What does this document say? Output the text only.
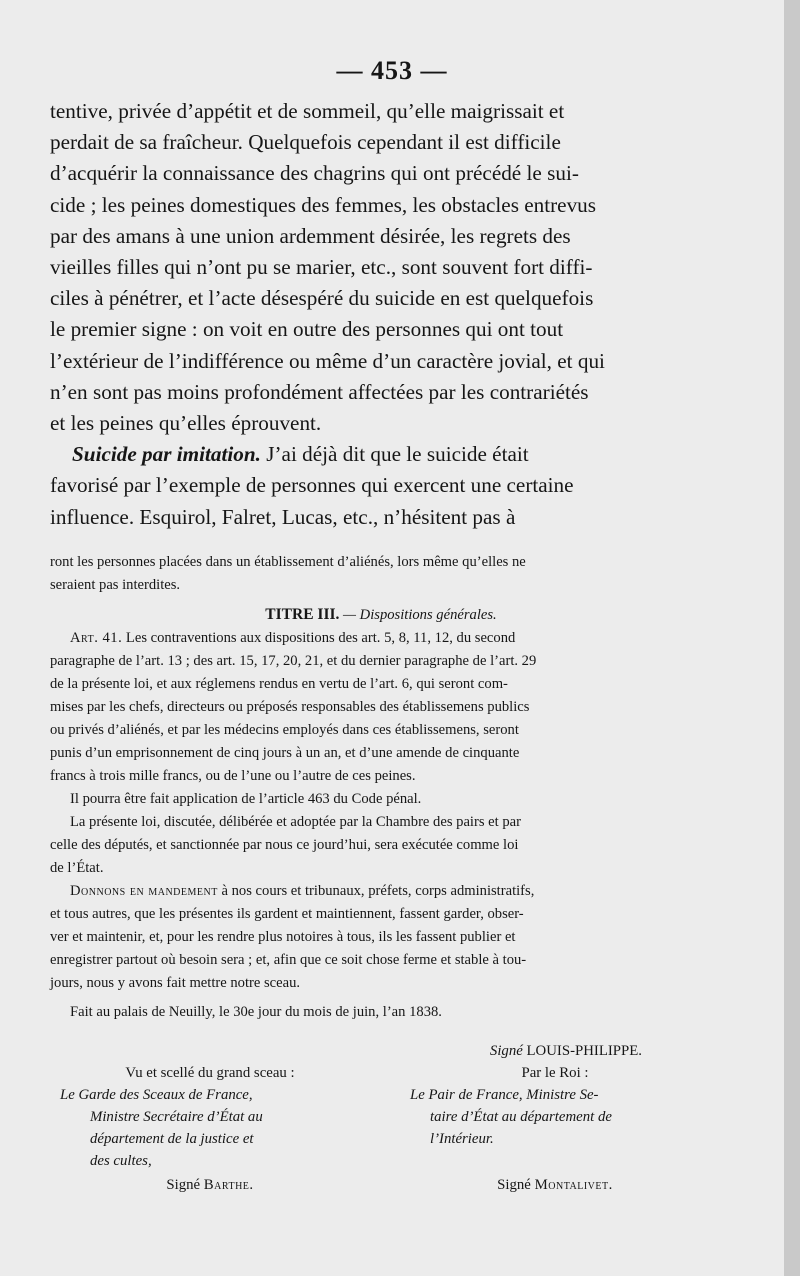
— 453 —

tentive, privée d’appétit et de sommeil, qu’elle maigrissait et

perdait de sa fraîcheur. Quelquefois cependant il est difficile

d’acquérir la connaissance des chagrins qui ont précédé le sui-

cide ; les peines domestiques des femmes, les obstacles entrevus

par des amans à une union ardemment désirée, les regrets des

vieilles filles qui n’ont pu se marier, etc., sont souvent fort diffi-

ciles à pénétrer, et l’acte désespéré du suicide en est quelquefois

le premier signe : on voit en outre des personnes qui ont tout

l’extérieur de l’indifférence ou même d’un caractère jovial, et qui

n’en sont pas moins profondément affectées par les contrariétés

et les peines qu’elles éprouvent.

Suicide par imitation. J’ai déjà dit que le suicide était

favorisé par l’exemple de personnes qui exercent une certaine

influence. Esquirol, Falret, Lucas, etc., n’hésitent pas à

ront les personnes placées dans un établissement d’aliénés, lors même qu’elles ne

seraient pas interdites.

TITRE III. — Dispositions générales.

Art. 41. Les contraventions aux dispositions des art. 5, 8, 11, 12, du second

paragraphe de l’art. 13 ; des art. 15, 17, 20, 21, et du dernier paragraphe de l’art. 29

de la présente loi, et aux réglemens rendus en vertu de l’art. 6, qui seront com-

mises par les chefs, directeurs ou préposés responsables des établissemens publics

ou privés d’aliénés, et par les médecins employés dans ces établissemens, seront

punis d’un emprisonnement de cinq jours à un an, et d’une amende de cinquante

francs à trois mille francs, ou de l’une ou l’autre de ces peines.

Il pourra être fait application de l’article 463 du Code pénal.

La présente loi, discutée, délibérée et adoptée par la Chambre des pairs et par

celle des députés, et sanctionnée par nous ce jourd’hui, sera exécutée comme loi

de l’État.

Donnons en mandement à nos cours et tribunaux, préfets, corps administratifs,

et tous autres, que les présentes ils gardent et maintiennent, fassent garder, obser-

ver et maintenir, et, pour les rendre plus notoires à tous, ils les fassent publier et

enregistrer partout où besoin sera ; et, afin que ce soit chose ferme et stable à tou-

jours, nous y avons fait mettre notre sceau.

Fait au palais de Neuilly, le 30e jour du mois de juin, l’an 1838.

Signé LOUIS-PHILIPPE.
Vu et scellé du grand sceau :
Le Garde des Sceaux de France,
Ministre Secrétaire d’État au
département de la justice et
des cultes,
Signé Barthe.
Par le Roi :
Le Pair de France, Ministre Se-
taire d’État au département de
l’Intérieur.

Signé Montalivet.
